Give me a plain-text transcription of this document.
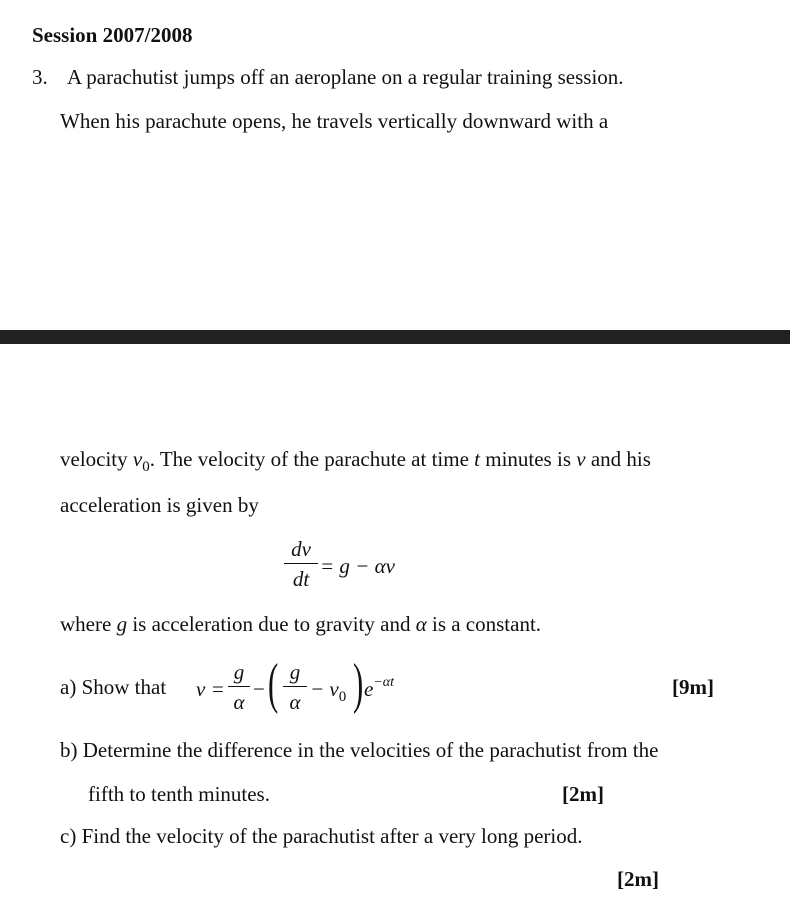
Session 2007/2008
3. A parachutist jumps off an aeroplane on a regular training session.
When his parachute opens, he travels vertically downward with a
velocity $v_0$. The velocity of the parachute at time t minutes is v and his
acceleration is given by
dv
dt
= g − αv
where g is acceleration due to gravity and α is a constant.
a) Show that v =
g
α
− ( g
α
− $v_0$ ) $e^{-\alpha t}$	[9m]
b) Determine the difference in the velocities of the parachutist from the
fifth to tenth minutes.	[2m]
c) Find the velocity of the parachutist after a very long period.
[2m]
